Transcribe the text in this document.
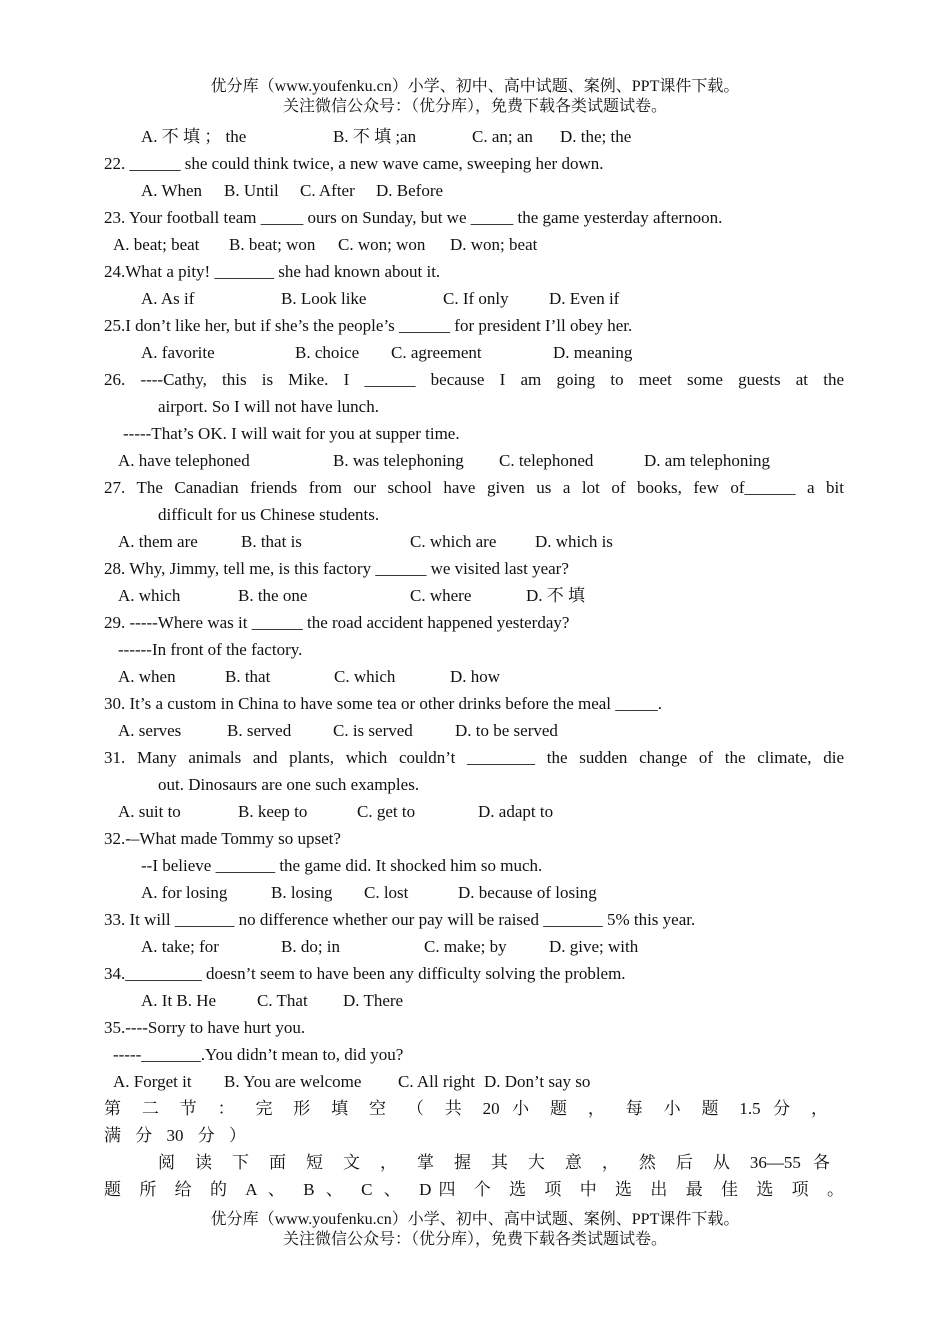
优分库（www.youfenku.cn）小学、初中、高中试题、案例、PPT课件下载。
关注微信公众号：（优分库），免费下载各类试题试卷。
A. 不 填 ； the	B. 不 填 ;an	C. an; an D. the; the
22. ______ she could think twice, a new wave came, sweeping her down.
A. When B. Until C. After D. Before
23. Your football team _____ ours on Sunday, but we _____ the game yesterday afternoon.
A. beat; beat B. beat; won C. won; won D. won; beat
24.What a pity! _______ she had known about it.
A. As if	B. Look like	C. If only D. Even if
25.I don’t like her, but if she’s the people’s ______ for president I’ll obey her.
A. favorite	B. choice C. agreement	D. meaning
26. ----Cathy, this is Mike. I ______ because I am going to meet some guests at the
airport. So I will not have lunch.
-----That’s OK. I will wait for you at supper time.
A. have telephoned	B. was telephoning C. telephoned	D. am telephoning
27. The Canadian friends from our school have given us a lot of books, few of______ a bit
difficult for us Chinese students.
A. them are	B. that is	C. which are D. which is
28. Why, Jimmy, tell me, is this factory ______ we visited last year?
A. which	B. the one	C. where	D. 不 填
29. -----Where was it ______ the road accident happened yesterday?
------In front of the factory.
A. when	B. that	C. which	D. how
30. It’s a custom in China to have some tea or other drinks before the meal _____.
A. serves	B. served C. is served D. to be served
31. Many animals and plants, which couldn’t ________ the sudden change of the climate, die
out. Dinosaurs are one such examples.
A. suit to	B. keep to	C. get to	D. adapt to
32.-–What made Tommy so upset?
--I believe _______ the game did. It shocked him so much.
A. for losing	B. losing C. lost	D. because of losing
33. It will _______ no difference whether our pay will be raised _______ 5% this year.
A. take; for	B. do; in	C. make; by D. give; with
34._________ doesn’t seem to have been any difficulty solving the problem.
A. It B. He C. That D. There
35.----Sorry to have hurt you.
-----_______.You didn’t mean to, did you?
A. Forget it B. You are welcome C. All right D. Don’t say so
第 二 节 ： 完 形 填 空 （ 共 20 小 题 ， 每 小 题 1.5 分 ，
满 分 30 分 ）
阅 读 下 面 短 文 ， 掌 握 其 大 意 ， 然 后 从 36—55 各
题 所 给 的 A 、 B 、 C 、 D四 个 选 项 中 选 出 最 佳 选 项 。
优分库（www.youfenku.cn）小学、初中、高中试题、案例、PPT课件下载。
关注微信公众号：（优分库），免费下载各类试题试卷。
